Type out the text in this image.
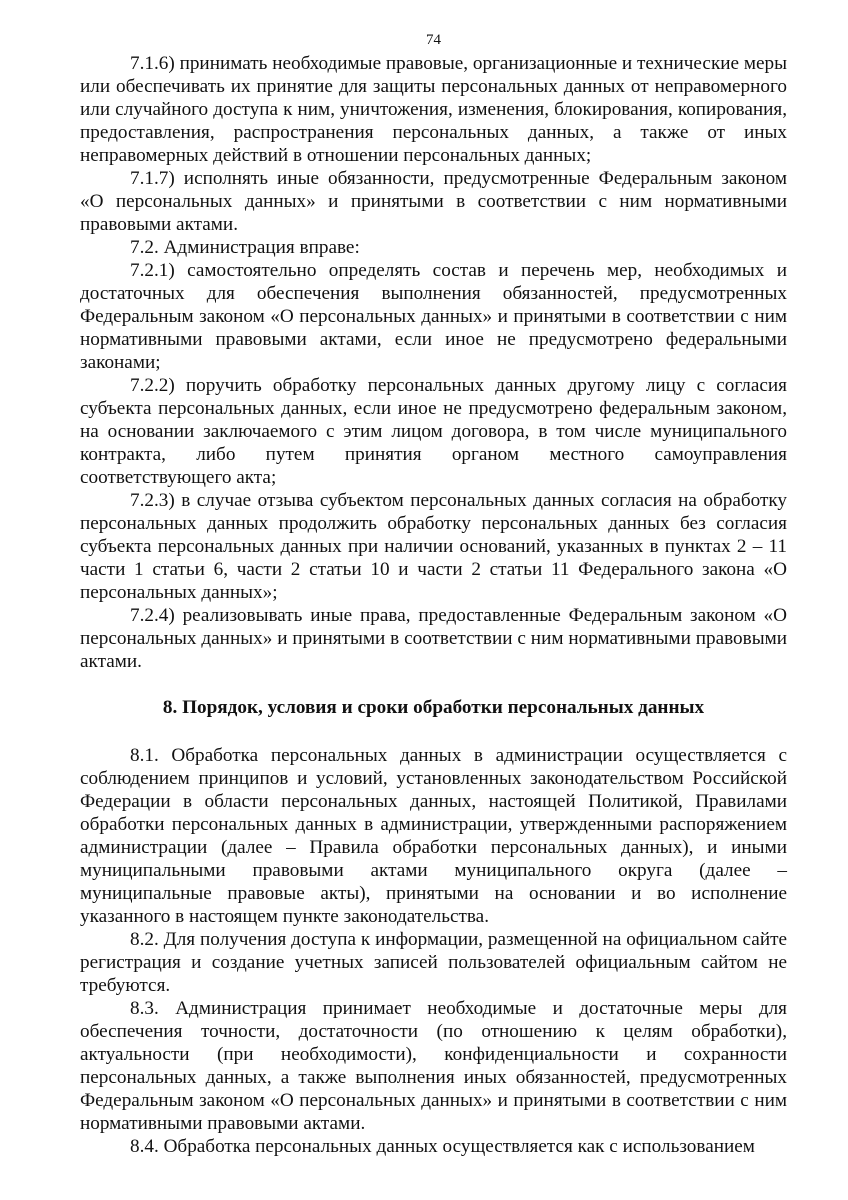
74

7.1.6) принимать необходимые правовые, организационные и технические меры или обеспечивать их принятие для защиты персональных данных от неправомерного или случайного доступа к ним, уничтожения, изменения, блокирования, копирования, предоставления, распространения персональных данных, а также от иных неправомерных действий в отношении персональных данных;

7.1.7) исполнять иные обязанности, предусмотренные Федеральным законом «О персональных данных» и принятыми в соответствии с ним нормативными правовыми актами.

7.2. Администрация вправе:

7.2.1) самостоятельно определять состав и перечень мер, необходимых и достаточных для обеспечения выполнения обязанностей, предусмотренных Федеральным законом «О персональных данных» и принятыми в соответствии с ним нормативными правовыми актами, если иное не предусмотрено федеральными законами;

7.2.2) поручить обработку персональных данных другому лицу с согласия субъекта персональных данных, если иное не предусмотрено федеральным законом, на основании заключаемого с этим лицом договора, в том числе муниципального контракта, либо путем принятия органом местного самоуправления соответствующего акта;

7.2.3) в случае отзыва субъектом персональных данных согласия на обработку персональных данных продолжить обработку персональных данных без согласия субъекта персональных данных при наличии оснований, указанных в пунктах 2 – 11 части 1 статьи 6, части 2 статьи 10 и части 2 статьи 11 Федерального закона «О персональных данных»;

7.2.4) реализовывать иные права, предоставленные Федеральным законом «О персональных данных» и принятыми в соответствии с ним нормативными правовыми актами.

8. Порядок, условия и сроки обработки персональных данных

8.1. Обработка персональных данных в администрации осуществляется с соблюдением принципов и условий, установленных законодательством Российской Федерации в области персональных данных, настоящей Политикой, Правилами обработки персональных данных в администрации, утвержденными распоряжением администрации (далее – Правила обработки персональных данных), и иными муниципальными правовыми актами муниципального округа (далее – муниципальные правовые акты), принятыми на основании и во исполнение указанного в настоящем пункте законодательства.

8.2. Для получения доступа к информации, размещенной на официальном сайте регистрация и создание учетных записей пользователей официальным сайтом не требуются.

8.3. Администрация принимает необходимые и достаточные меры для обеспечения точности, достаточности (по отношению к целям обработки), актуальности (при необходимости), конфиденциальности и сохранности персональных данных, а также выполнения иных обязанностей, предусмотренных Федеральным законом «О персональных данных» и принятыми в соответствии с ним нормативными правовыми актами.

8.4. Обработка персональных данных осуществляется как с использованием
